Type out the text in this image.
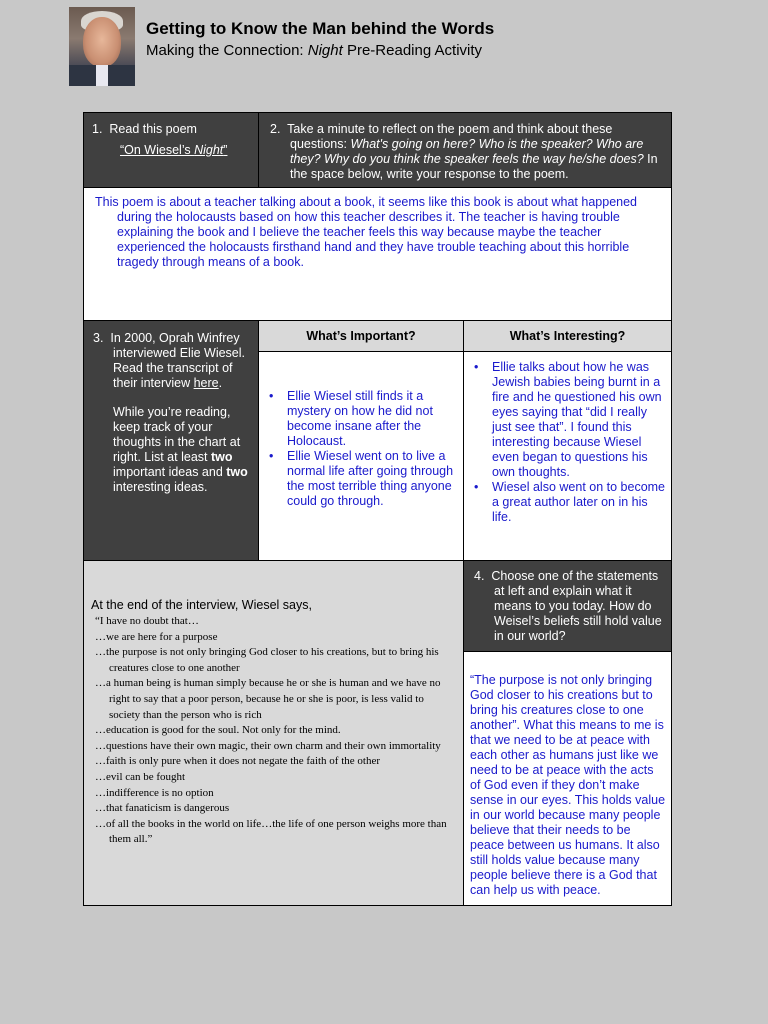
Getting to Know the Man behind the Words
Making the Connection: Night Pre-Reading Activity
1. Read this poem
“On Wiesel’s Night”
2. Take a minute to reflect on the poem and think about these questions: What's going on here? Who is the speaker? Who are they? Why do you think the speaker feels the way he/she does? In the space below, write your response to the poem.
This poem is about a teacher talking about a book, it seems like this book is about what happened during the holocausts based on how this teacher describes it. The teacher is having trouble explaining the book and I believe the teacher feels this way because maybe the teacher experienced the holocausts firsthand hand and they have trouble teaching about this horrible tragedy through means of a book.
3. In 2000, Oprah Winfrey interviewed Elie Wiesel. Read the transcript of their interview here.
While you’re reading, keep track of your thoughts in the chart at right. List at least two important ideas and two interesting ideas.
What’s Important?	What’s Interesting?
• Ellie Wiesel still finds it a mystery on how he did not become insane after the Holocaust.
• Ellie Wiesel went on to live a normal life after going through the most terrible thing anyone could go through.
• Ellie talks about how he was Jewish babies being burnt in a fire and he questioned his own eyes saying that “did I really just see that”. I found this interesting because Wiesel even began to questions his own thoughts.
• Wiesel also went on to become a great author later on in his life.
At the end of the interview, Wiesel says,
“I have no doubt that…
…we are here for a purpose
…the purpose is not only bringing God closer to his creations, but to bring his creatures close to one another
…a human being is human simply because he or she is human and we have no right to say that a poor person, because he or she is poor, is less valid to society than the person who is rich
…education is good for the soul. Not only for the mind.
…questions have their own magic, their own charm and their own immortality
…faith is only pure when it does not negate the faith of the other
…evil can be fought
…indifference is no option
…that fanaticism is dangerous
…of all the books in the world on life…the life of one person weighs more than them all.”
4. Choose one of the statements at left and explain what it means to you today. How do Weisel’s beliefs still hold value in our world?
“The purpose is not only bringing God closer to his creations but to bring his creatures close to one another”. What this means to me is that we need to be at peace with each other as humans just like we need to be at peace with the acts of God even if they don’t make sense in our eyes. This holds value in our world because many people believe that their needs to be peace between us humans. It also still holds value because many people believe there is a God that can help us with peace.
